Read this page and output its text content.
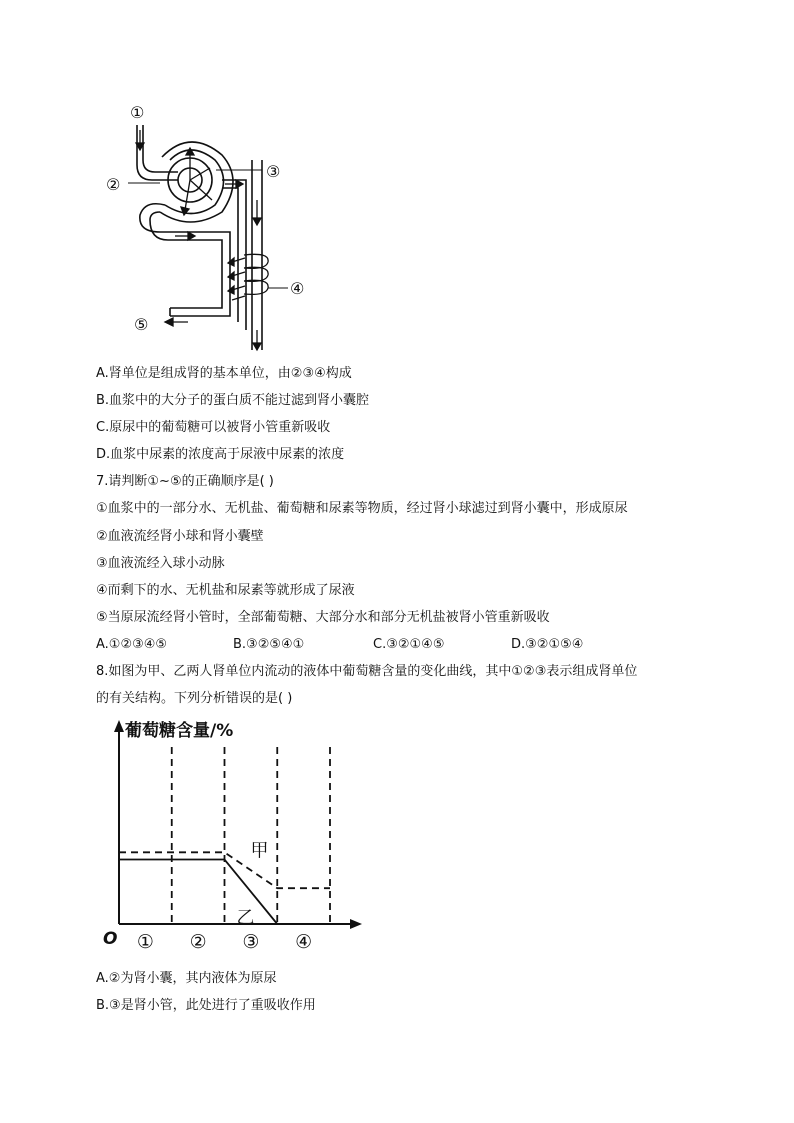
①
②
③
④
⑤
A.肾单位是组成肾的基本单位，由②③④构成
B.血浆中的大分子的蛋白质不能过滤到肾小囊腔
C.原尿中的葡萄糖可以被肾小管重新吸收
D.血浆中尿素的浓度高于尿液中尿素的浓度
7.请判断①~⑤的正确顺序是( )
①血浆中的一部分水、无机盐、葡萄糖和尿素等物质，经过肾小球滤过到肾小囊中，形成原尿
②血液流经肾小球和肾小囊壁
③血液流经入球小动脉
④而剩下的水、无机盐和尿素等就形成了尿液
⑤当原尿流经肾小管时，全部葡萄糖、大部分水和部分无机盐被肾小管重新吸收
A.①②③④⑤	B.③②⑤④①	C.③②①④⑤	D.③②①⑤④
8.如图为甲、乙两人肾单位内流动的液体中葡萄糖含量的变化曲线，其中①②③表示组成肾单位
的有关结构。下列分析错误的是( )
甲
乙
① ② ③ ④
葡萄糖含量/%
O
A.②为肾小囊，其内液体为原尿
B.③是肾小管，此处进行了重吸收作用
